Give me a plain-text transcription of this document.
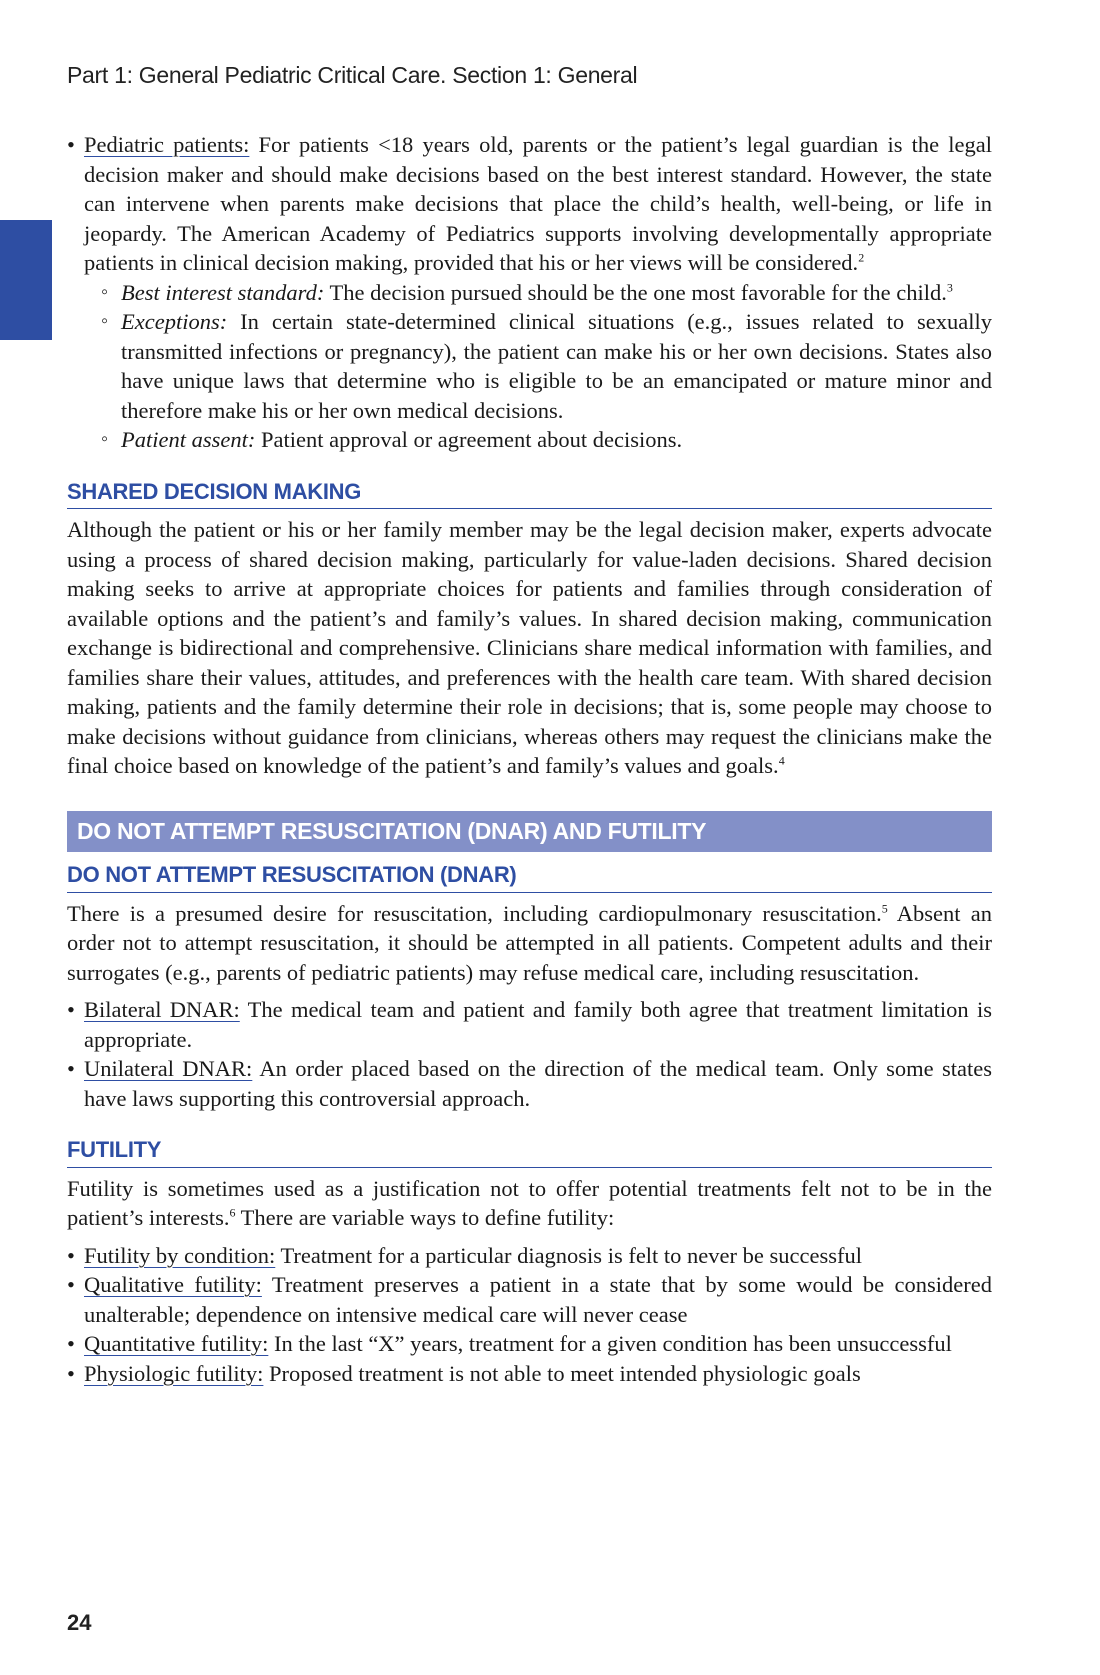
Part 1: General Pediatric Critical Care. Section 1: General
• Pediatric patients: For patients <18 years old, parents or the patient’s legal guardian is the legal decision maker and should make decisions based on the best interest standard. However, the state can intervene when parents make decisions that place the child’s health, well-being, or life in jeopardy. The American Academy of Pediatrics supports involving developmentally appropriate patients in clinical decision making, provided that his or her views will be considered.$^2$
◦ Best interest standard: The decision pursued should be the one most favorable for the child.$^3$
◦ Exceptions: In certain state-determined clinical situations (e.g., issues related to sexually transmitted infections or pregnancy), the patient can make his or her own decisions. States also have unique laws that determine who is eligible to be an emancipated or mature minor and therefore make his or her own medical decisions.
◦ Patient assent: Patient approval or agreement about decisions.
SHARED DECISION MAKING

Although the patient or his or her family member may be the legal decision maker, experts advocate using a process of shared decision making, particularly for value-laden decisions. Shared decision making seeks to arrive at appropriate choices for patients and families through consideration of available options and the patient’s and family’s values. In shared decision making, communication exchange is bidirectional and comprehensive. Clinicians share medical information with families, and families share their values, attitudes, and preferences with the health care team. With shared decision making, patients and the family determine their role in decisions; that is, some people may choose to make decisions without guidance from clinicians, whereas others may request the clinicians make the final choice based on knowledge of the patient’s and family’s values and goals.$^4$

DO NOT ATTEMPT RESUSCITATION (DNAR) AND FUTILITY
DO NOT ATTEMPT RESUSCITATION (DNAR)

There is a presumed desire for resuscitation, including cardiopulmonary resuscitation.$^5$ Absent an order not to attempt resuscitation, it should be attempted in all patients. Competent adults and their surrogates (e.g., parents of pediatric patients) may refuse medical care, including resuscitation.

• Bilateral DNAR: The medical team and patient and family both agree that treatment limitation is appropriate.
• Unilateral DNAR: An order placed based on the direction of the medical team. Only some states have laws supporting this controversial approach.
FUTILITY

Futility is sometimes used as a justification not to offer potential treatments felt not to be in the patient’s interests.$^6$ There are variable ways to define futility:

• Futility by condition: Treatment for a particular diagnosis is felt to never be successful
• Qualitative futility: Treatment preserves a patient in a state that by some would be considered unalterable; dependence on intensive medical care will never cease
• Quantitative futility: In the last “X” years, treatment for a given condition has been unsuccessful
• Physiologic futility: Proposed treatment is not able to meet intended physiologic goals
24
